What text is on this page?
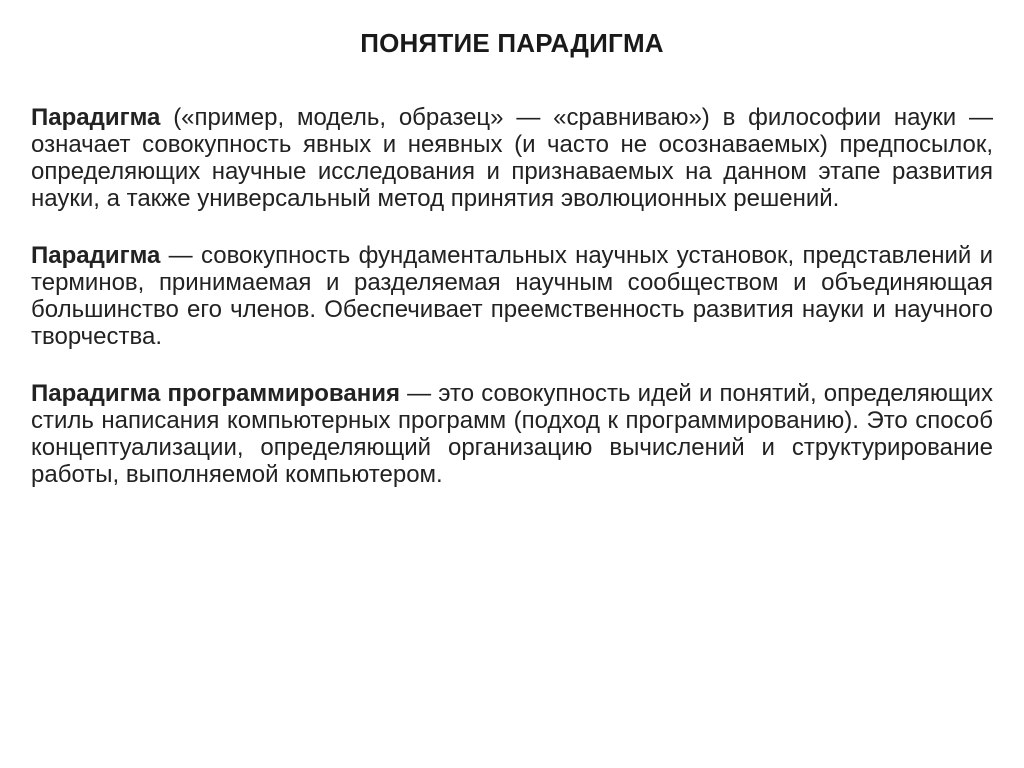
ПОНЯТИЕ ПАРАДИГМА

Парадигма («пример, модель, образец» — «сравниваю») в философии науки — означает совокупность явных и неявных (и часто не осознаваемых) предпосылок, определяющих научные исследования и признаваемых на данном этапе развития науки, а также универсальный метод принятия эволюционных решений.

Парадигма — совокупность фундаментальных научных установок, представлений и терминов, принимаемая и разделяемая научным сообществом и объединяющая большинство его членов. Обеспечивает преемственность развития науки и научного творчества.

Парадигма программирования — это совокупность идей и понятий, определяющих стиль написания компьютерных программ (подход к программированию). Это способ концептуализации, определяющий организацию вычислений и структурирование работы, выполняемой компьютером.
